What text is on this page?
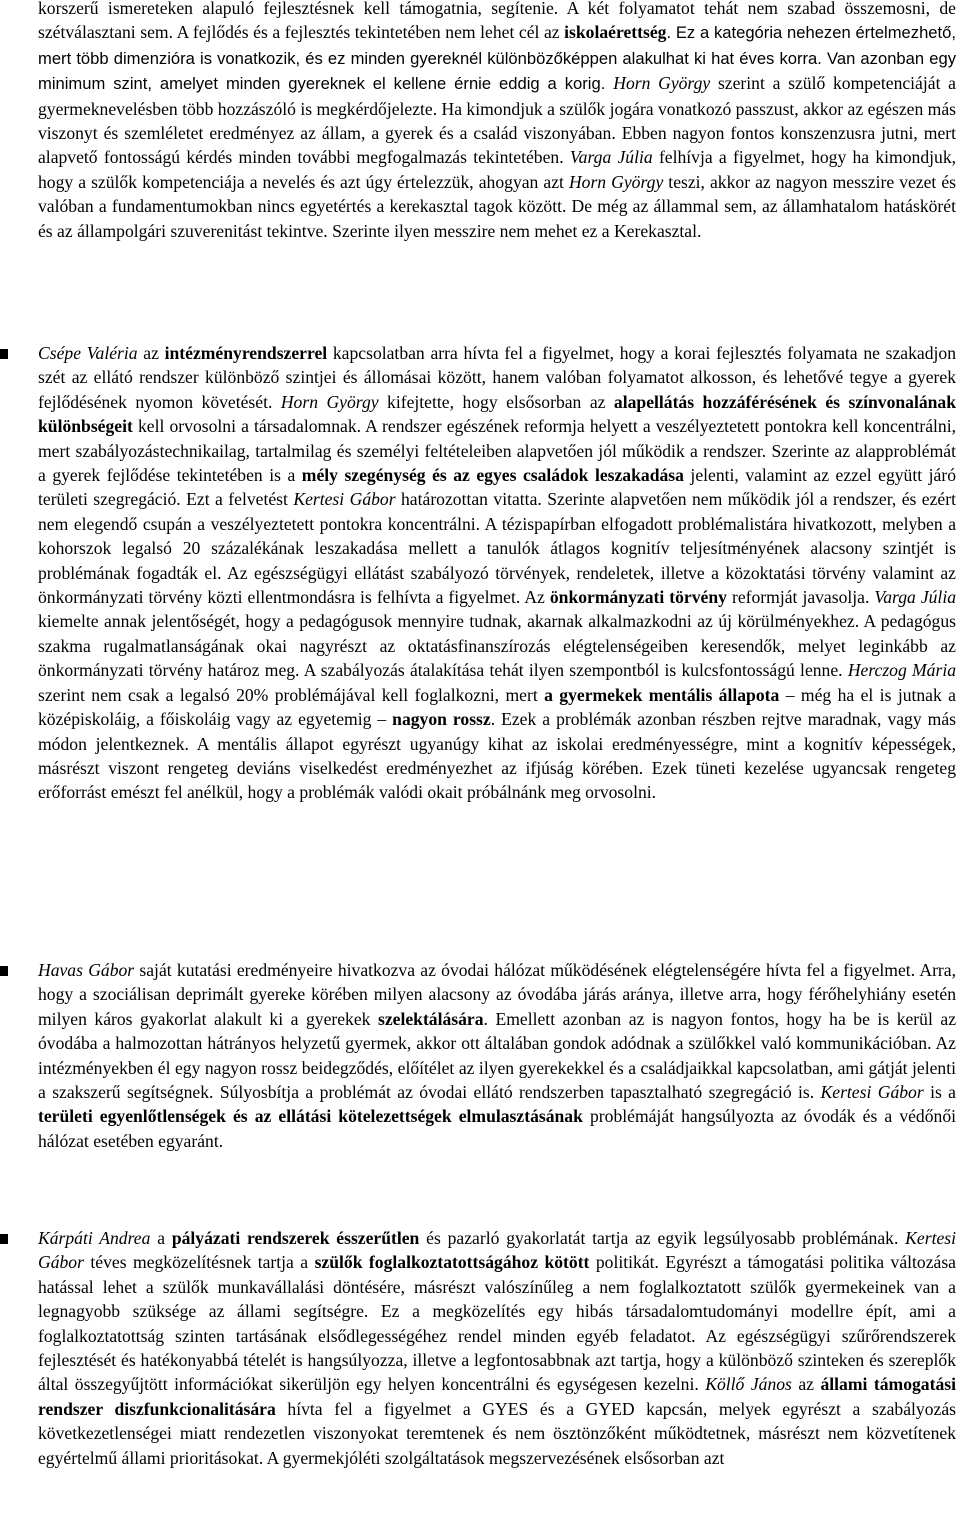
korszerű ismereteken alapuló fejlesztésnek kell támogatnia, segítenie. A két folyamatot tehát nem szabad összemosni, de szétválasztani sem. A fejlődés és a fejlesztés tekintetében nem lehet cél az iskolaérettség. Ez a kategória nehezen értelmezhető, mert több dimenzióra is vonatkozik, és ez minden gyereknél különbözőképpen alakulhat ki hat éves korra. Van azonban egy minimum szint, amelyet minden gyereknek el kellene érnie eddig a korig. Horn György szerint a szülő kompetenciáját a gyermeknevelésben több hozzászóló is megkérdőjelezte. Ha kimondjuk a szülők jogára vonatkozó passzust, akkor az egészen más viszonyt és szemléletet eredményez az állam, a gyerek és a család viszonyában. Ebben nagyon fontos konszenzusra jutni, mert alapvető fontosságú kérdés minden további megfogalmazás tekintetében. Varga Júlia felhívja a figyelmet, hogy ha kimondjuk, hogy a szülők kompetenciája a nevelés és azt úgy értelezzük, ahogyan azt Horn György teszi, akkor az nagyon messzire vezet és valóban a fundamentumokban nincs egyetértés a kerekasztal tagok között. De még az állammal sem, az államhatalom hatáskörét és az állampolgári szuverenitást tekintve. Szerinte ilyen messzire nem mehet ez a Kerekasztal.

Csépe Valéria az intézményrendszerrel kapcsolatban arra hívta fel a figyelmet, hogy a korai fejlesztés folyamata ne szakadjon szét az ellátó rendszer különböző szintjei és állomásai között, hanem valóban folyamatot alkosson, és lehetővé tegye a gyerek fejlődésének nyomon követését. Horn György kifejtette, hogy elsősorban az alapellátás hozzáférésének és színvonalának különbségeit kell orvosolni a társadalomnak. A rendszer egészének reformja helyett a veszélyeztetett pontokra kell koncentrálni, mert szabályozástechnikailag, tartalmilag és személyi feltételeiben alapvetően jól működik a rendszer. Szerinte az alapproblémát a gyerek fejlődése tekintetében is a mély szegénység és az egyes családok leszakadása jelenti, valamint az ezzel együtt járó területi szegregáció. Ezt a felvetést Kertesi Gábor határozottan vitatta. Szerinte alapvetően nem működik jól a rendszer, és ezért nem elegendő csupán a veszélyeztetett pontokra koncentrálni. A tézispapírban elfogadott problémalistára hivatkozott, melyben a kohorszok legalsó 20 százalékának leszakadása mellett a tanulók átlagos kognitív teljesítményének alacsony szintjét is problémának fogadták el. Az egészségügyi ellátást szabályozó törvények, rendeletek, illetve a közoktatási törvény valamint az önkormányzati törvény közti ellentmondásra is felhívta a figyelmet. Az önkormányzati törvény reformját javasolja. Varga Júlia kiemelte annak jelentőségét, hogy a pedagógusok mennyire tudnak, akarnak alkalmazkodni az új körülményekhez. A pedagógus szakma rugalmatlanságának okai nagyrészt az oktatásfinanszírozás elégtelenségeiben keresendők, melyet leginkább az önkormányzati törvény határoz meg. A szabályozás átalakítása tehát ilyen szempontból is kulcsfontosságú lenne. Herczog Mária szerint nem csak a legalsó 20% problémájával kell foglalkozni, mert a gyermekek mentális állapota – még ha el is jutnak a középiskoláig, a főiskoláig vagy az egyetemig – nagyon rossz. Ezek a problémák azonban részben rejtve maradnak, vagy más módon jelentkeznek. A mentális állapot egyrészt ugyanúgy kihat az iskolai eredményességre, mint a kognitív képességek, másrészt viszont rengeteg deviáns viselkedést eredményezhet az ifjúság körében. Ezek tüneti kezelése ugyancsak rengeteg erőforrást emészt fel anélkül, hogy a problémák valódi okait próbálnánk meg orvosolni.

Havas Gábor saját kutatási eredményeire hivatkozva az óvodai hálózat működésének elégtelenségére hívta fel a figyelmet. Arra, hogy a szociálisan deprimált gyereke körében milyen alacsony az óvodába járás aránya, illetve arra, hogy férőhelyhiány esetén milyen káros gyakorlat alakult ki a gyerekek szelektálására. Emellett azonban az is nagyon fontos, hogy ha be is kerül az óvodába a halmozottan hátrányos helyzetű gyermek, akkor ott általában gondok adódnak a szülőkkel való kommunikációban. Az intézményekben él egy nagyon rossz beidegződés, előítélet az ilyen gyerekekkel és a családjaikkal kapcsolatban, ami gátját jelenti a szakszerű segítségnek. Súlyosbítja a problémát az óvodai ellátó rendszerben tapasztalható szegregáció is. Kertesi Gábor is a területi egyenlőtlenségek és az ellátási kötelezettségek elmulasztásának problémáját hangsúlyozta az óvodák és a védőnői hálózat esetében egyaránt.

Kárpáti Andrea a pályázati rendszerek ésszerűtlen és pazarló gyakorlatát tartja az egyik legsúlyosabb problémának. Kertesi Gábor téves megközelítésnek tartja a szülők foglalkoztatottságához kötött politikát. Egyrészt a támogatási politika változása hatással lehet a szülők munkavállalási döntésére, másrészt valószínűleg a nem foglalkoztatott szülők gyermekeinek van a legnagyobb szüksége az állami segítségre. Ez a megközelítés egy hibás társadalomtudományi modellre épít, ami a foglalkoztatottság szinten tartásának elsődlegességéhez rendel minden egyéb feladatot. Az egészségügyi szűrőrendszerek fejlesztését és hatékonyabbá tételét is hangsúlyozza, illetve a legfontosabbnak azt tartja, hogy a különböző szinteken és szereplők által összegyűjtött információkat sikerüljön egy helyen koncentrálni és egységesen kezelni. Köllő János az állami támogatási rendszer diszfunkcionalitására hívta fel a figyelmet a GYES és a GYED kapcsán, melyek egyrészt a szabályozás következetlenségei miatt rendezetlen viszonyokat teremtenek és nem ösztönzőként működtetnek, másrészt nem közvetítenek egyértelmű állami prioritásokat. A gyermekjóléti szolgáltatások megszervezésének elsősorban azt
